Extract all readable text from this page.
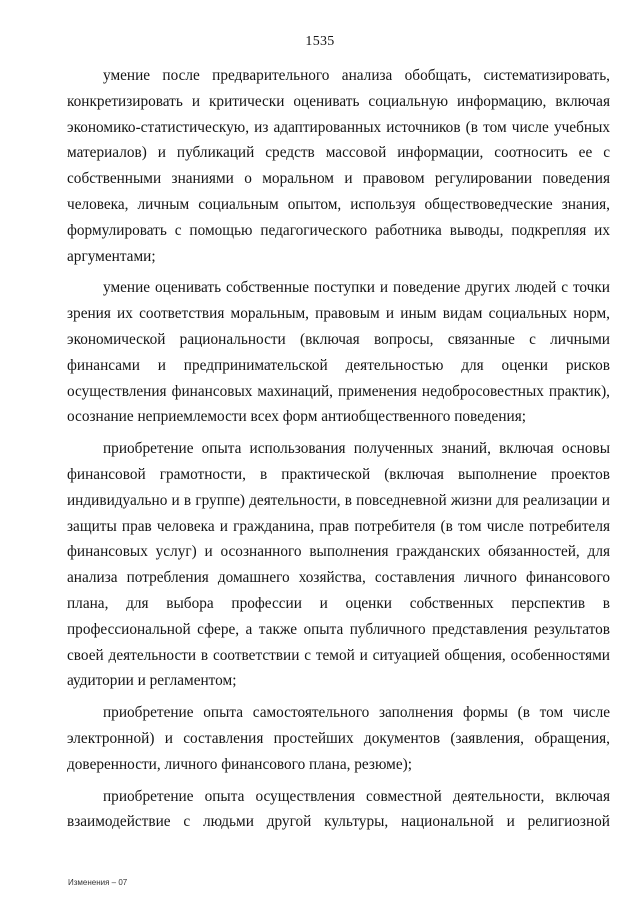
1535

умение после предварительного анализа обобщать, систематизировать, конкретизировать и критически оценивать социальную информацию, включая экономико-статистическую, из адаптированных источников (в том числе учебных материалов) и публикаций средств массовой информации, соотносить ее с собственными знаниями о моральном и правовом регулировании поведения человека, личным социальным опытом, используя обществоведческие знания, формулировать с помощью педагогического работника выводы, подкрепляя их аргументами;

умение оценивать собственные поступки и поведение других людей с точки зрения их соответствия моральным, правовым и иным видам социальных норм, экономической рациональности (включая вопросы, связанные с личными финансами и предпринимательской деятельностью для оценки рисков осуществления финансовых махинаций, применения недобросовестных практик), осознание неприемлемости всех форм антиобщественного поведения;

приобретение опыта использования полученных знаний, включая основы финансовой грамотности, в практической (включая выполнение проектов индивидуально и в группе) деятельности, в повседневной жизни для реализации и защиты прав человека и гражданина, прав потребителя (в том числе потребителя финансовых услуг) и осознанного выполнения гражданских обязанностей, для анализа потребления домашнего хозяйства, составления личного финансового плана, для выбора профессии и оценки собственных перспектив в профессиональной сфере, а также опыта публичного представления результатов своей деятельности в соответствии с темой и ситуацией общения, особенностями аудитории и регламентом;

приобретение опыта самостоятельного заполнения формы (в том числе электронной) и составления простейших документов (заявления, обращения, доверенности, личного финансового плана, резюме);

приобретение опыта осуществления совместной деятельности, включая взаимодействие с людьми другой культуры, национальной и религиозной

Изменения – 07
